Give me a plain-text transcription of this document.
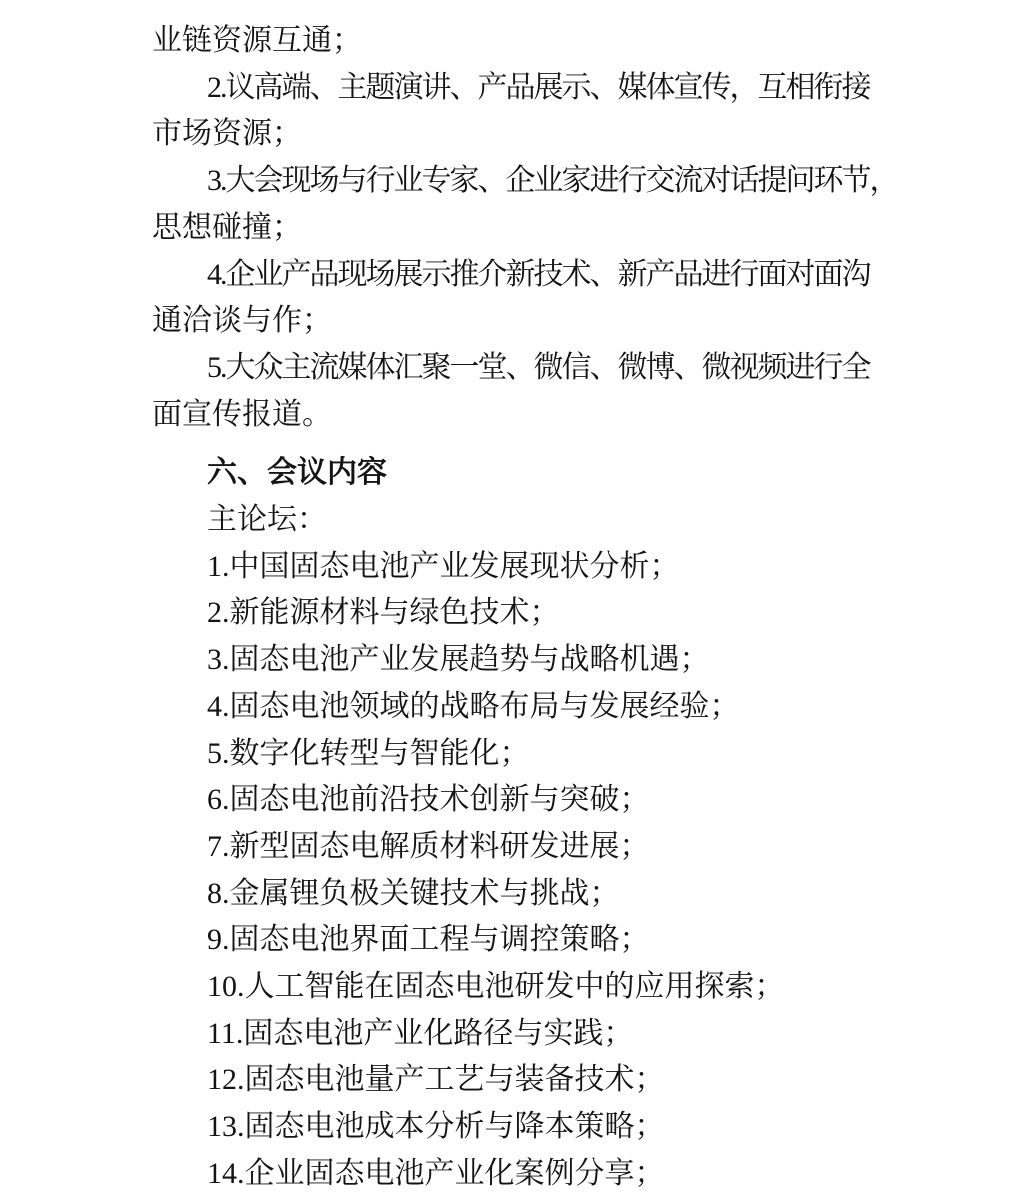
业链资源互通；
2.议高端、主题演讲、产品展示、媒体宣传，互相衔接
市场资源；
3.大会现场与行业专家、企业家进行交流对话提问环节，
思想碰撞；
4.企业产品现场展示推介新技术、新产品进行面对面沟
通洽谈与作；
5.大众主流媒体汇聚一堂、微信、微博、微视频进行全
面宣传报道。
六、会议内容
主论坛：
1.中国固态电池产业发展现状分析；
2.新能源材料与绿色技术；
3.固态电池产业发展趋势与战略机遇；
4.固态电池领域的战略布局与发展经验；
5.数字化转型与智能化；
6.固态电池前沿技术创新与突破；
7.新型固态电解质材料研发进展；
8.金属锂负极关键技术与挑战；
9.固态电池界面工程与调控策略；
10.人工智能在固态电池研发中的应用探索；
11.固态电池产业化路径与实践；
12.固态电池量产工艺与装备技术；
13.固态电池成本分析与降本策略；
14.企业固态电池产业化案例分享；
